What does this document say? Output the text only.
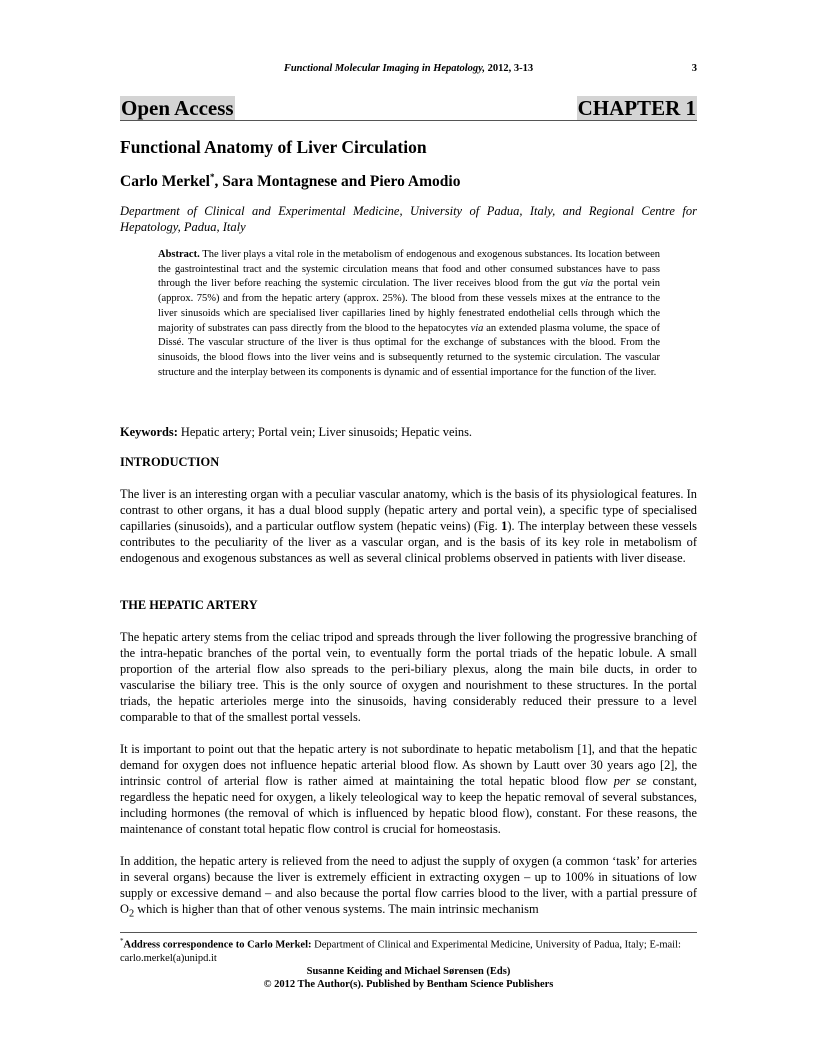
Functional Molecular Imaging in Hepatology, 2012, 3-13	3
Open Access	CHAPTER 1
Functional Anatomy of Liver Circulation
Carlo Merkel*, Sara Montagnese and Piero Amodio
Department of Clinical and Experimental Medicine, University of Padua, Italy, and Regional Centre for Hepatology, Padua, Italy
Abstract. The liver plays a vital role in the metabolism of endogenous and exogenous substances. Its location between the gastrointestinal tract and the systemic circulation means that food and other consumed substances have to pass through the liver before reaching the systemic circulation. The liver receives blood from the gut via the portal vein (approx. 75%) and from the hepatic artery (approx. 25%). The blood from these vessels mixes at the entrance to the liver sinusoids which are specialised liver capillaries lined by highly fenestrated endothelial cells through which the majority of substrates can pass directly from the blood to the hepatocytes via an extended plasma volume, the space of Dissé. The vascular structure of the liver is thus optimal for the exchange of substances with the blood. From the sinusoids, the blood flows into the liver veins and is subsequently returned to the systemic circulation. The vascular structure and the interplay between its components is dynamic and of essential importance for the function of the liver.
Keywords: Hepatic artery; Portal vein; Liver sinusoids; Hepatic veins.
INTRODUCTION
The liver is an interesting organ with a peculiar vascular anatomy, which is the basis of its physiological features. In contrast to other organs, it has a dual blood supply (hepatic artery and portal vein), a specific type of specialised capillaries (sinusoids), and a particular outflow system (hepatic veins) (Fig. 1). The interplay between these vessels contributes to the peculiarity of the liver as a vascular organ, and is the basis of its key role in metabolism of endogenous and exogenous substances as well as several clinical problems observed in patients with liver disease.
THE HEPATIC ARTERY
The hepatic artery stems from the celiac tripod and spreads through the liver following the progressive branching of the intra-hepatic branches of the portal vein, to eventually form the portal triads of the hepatic lobule. A small proportion of the arterial flow also spreads to the peri-biliary plexus, along the main bile ducts, in order to vascularise the biliary tree. This is the only source of oxygen and nourishment to these structures. In the portal triads, the hepatic arterioles merge into the sinusoids, having considerably reduced their pressure to a level comparable to that of the smallest portal vessels.
It is important to point out that the hepatic artery is not subordinate to hepatic metabolism [1], and that the hepatic demand for oxygen does not influence hepatic arterial blood flow. As shown by Lautt over 30 years ago [2], the intrinsic control of arterial flow is rather aimed at maintaining the total hepatic blood flow per se constant, regardless the hepatic need for oxygen, a likely teleological way to keep the hepatic removal of several substances, including hormones (the removal of which is influenced by hepatic blood flow), constant. For these reasons, the maintenance of constant total hepatic flow control is crucial for homeostasis.
In addition, the hepatic artery is relieved from the need to adjust the supply of oxygen (a common ‘task’ for arteries in several organs) because the liver is extremely efficient in extracting oxygen – up to 100% in situations of low supply or excessive demand – and also because the portal flow carries blood to the liver, with a partial pressure of $O_2$ which is higher than that of other venous systems. The main intrinsic mechanism
*Address correspondence to Carlo Merkel: Department of Clinical and Experimental Medicine, University of Padua, Italy; E-mail: carlo.merkel(a)unipd.it
Susanne Keiding and Michael Sørensen (Eds)
© 2012 The Author(s). Published by Bentham Science Publishers
